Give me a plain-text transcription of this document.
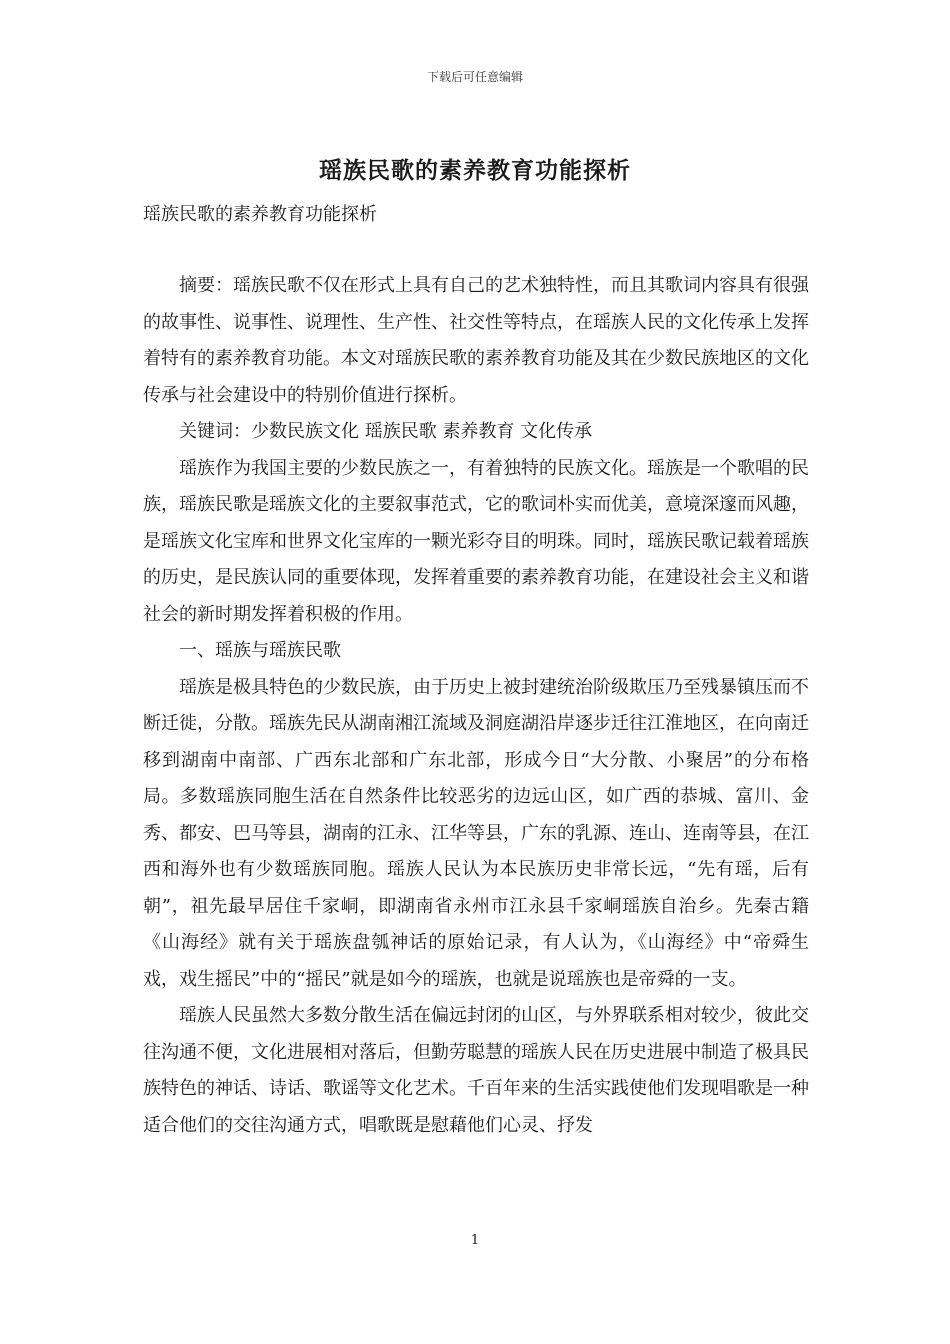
下载后可任意编辑
瑶族民歌的素养教育功能探析
瑶族民歌的素养教育功能探析

摘要：瑶族民歌不仅在形式上具有自己的艺术独特性，而且其歌词内容具有很强的故事性、说事性、说理性、生产性、社交性等特点，在瑶族人民的文化传承上发挥着特有的素养教育功能。本文对瑶族民歌的素养教育功能及其在少数民族地区的文化传承与社会建设中的特别价值进行探析。

关键词：少数民族文化 瑶族民歌 素养教育 文化传承

瑶族作为我国主要的少数民族之一，有着独特的民族文化。瑶族是一个歌唱的民族，瑶族民歌是瑶族文化的主要叙事范式，它的歌词朴实而优美，意境深邃而风趣，是瑶族文化宝库和世界文化宝库的一颗光彩夺目的明珠。同时，瑶族民歌记载着瑶族的历史，是民族认同的重要体现，发挥着重要的素养教育功能，在建设社会主义和谐社会的新时期发挥着积极的作用。

一、瑶族与瑶族民歌

瑶族是极具特色的少数民族，由于历史上被封建统治阶级欺压乃至残暴镇压而不断迁徙，分散。瑶族先民从湖南湘江流域及洞庭湖沿岸逐步迁往江淮地区，在向南迁移到湖南中南部、广西东北部和广东北部，形成今日“大分散、小聚居”的分布格局。多数瑶族同胞生活在自然条件比较恶劣的边远山区，如广西的恭城、富川、金秀、都安、巴马等县，湖南的江永、江华等县，广东的乳源、连山、连南等县，在江西和海外也有少数瑶族同胞。瑶族人民认为本民族历史非常长远，“先有瑶，后有朝”，祖先最早居住千家峒，即湖南省永州市江永县千家峒瑶族自治乡。先秦古籍《山海经》就有关于瑶族盘瓠神话的原始记录，有人认为，《山海经》中“帝舜生戏，戏生摇民”中的“摇民”就是如今的瑶族，也就是说瑶族也是帝舜的一支。

瑶族人民虽然大多数分散生活在偏远封闭的山区，与外界联系相对较少，彼此交往沟通不便，文化进展相对落后，但勤劳聪慧的瑶族人民在历史进展中制造了极具民族特色的神话、诗话、歌谣等文化艺术。千百年来的生活实践使他们发现唱歌是一种适合他们的交往沟通方式，唱歌既是慰藉他们心灵、抒发

1
